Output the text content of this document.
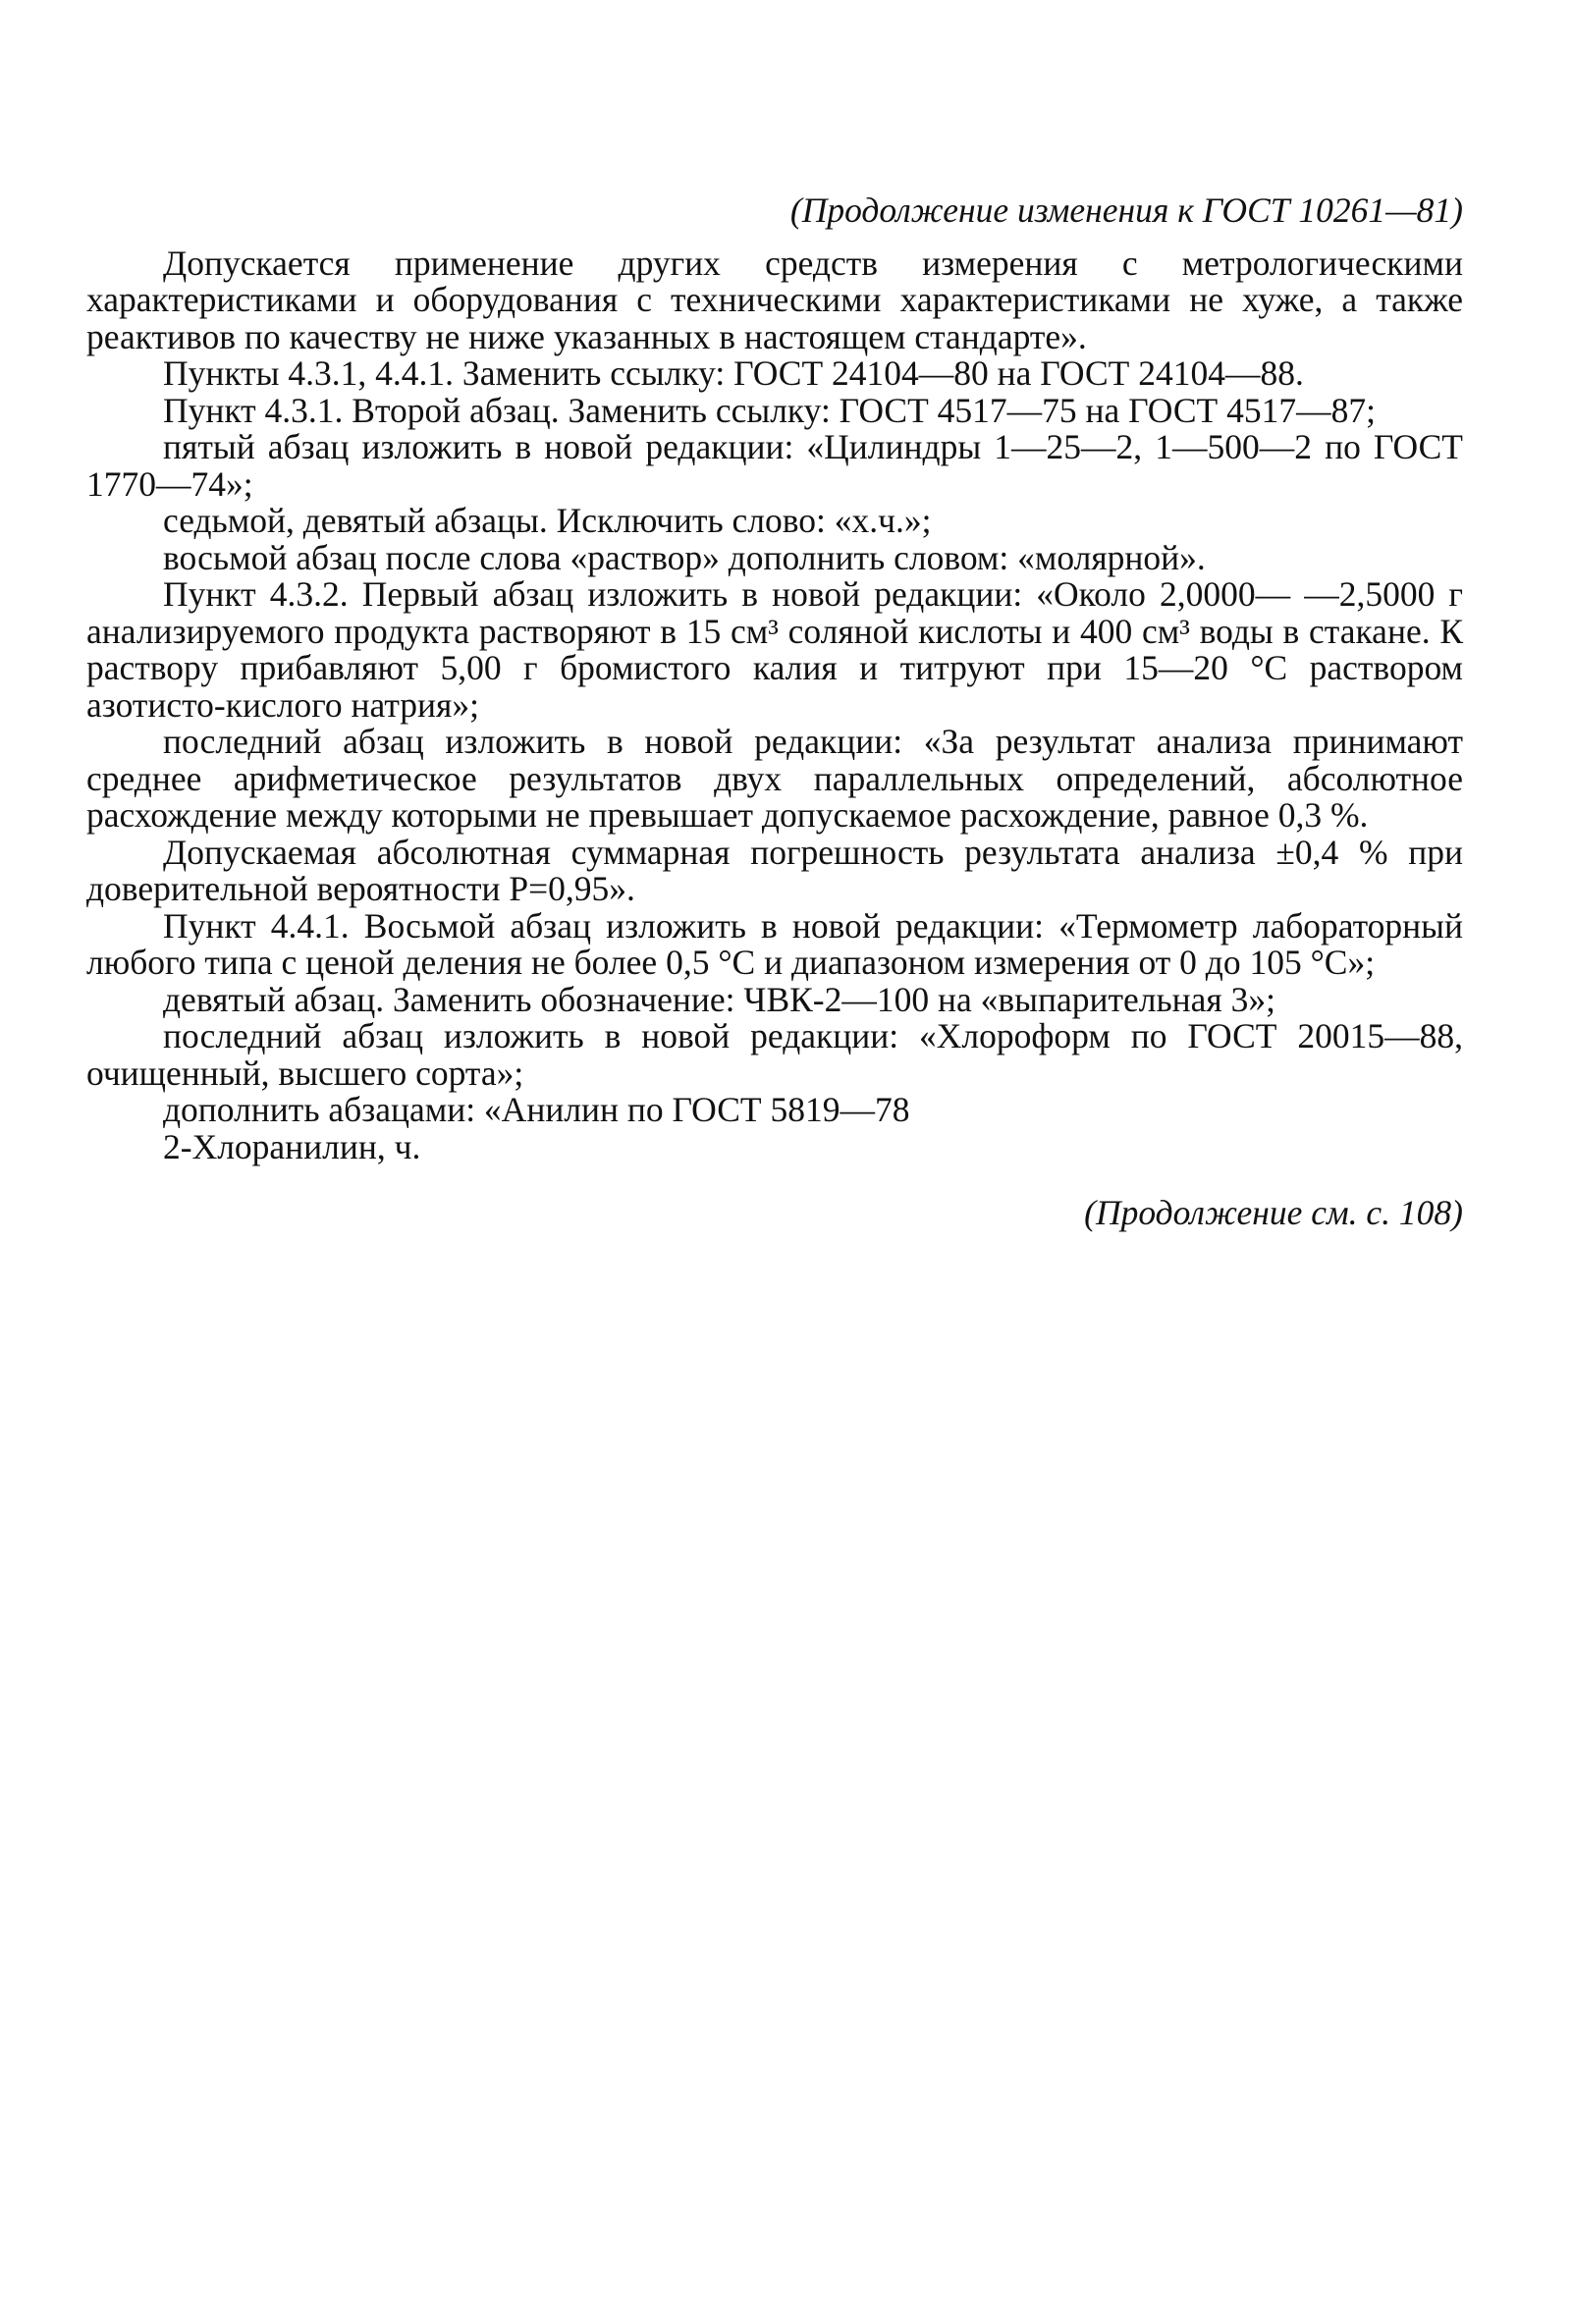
(Продолжение изменения к ГОСТ 10261—81)

Допускается применение других средств измерения с метрологическими характеристиками и оборудования с техническими характеристиками не хуже, а также реактивов по качеству не ниже указанных в настоящем стандарте».

Пункты 4.3.1, 4.4.1. Заменить ссылку: ГОСТ 24104—80 на ГОСТ 24104—88.

Пункт 4.3.1. Второй абзац. Заменить ссылку: ГОСТ 4517—75 на ГОСТ 4517—87;

пятый абзац изложить в новой редакции: «Цилиндры 1—25—2, 1—500—2 по ГОСТ 1770—74»;

седьмой, девятый абзацы. Исключить слово: «х.ч.»;

восьмой абзац после слова «раствор» дополнить словом: «молярной».

Пункт 4.3.2. Первый абзац изложить в новой редакции: «Около 2,0000— —2,5000 г анализируемого продукта растворяют в 15 см³ соляной кислоты и 400 см³ воды в стакане. К раствору прибавляют 5,00 г бромистого калия и титруют при 15—20 °С раствором азотисто-кислого натрия»;

последний абзац изложить в новой редакции: «За результат анализа принимают среднее арифметическое результатов двух параллельных определений, абсолютное расхождение между которыми не превышает допускаемое расхождение, равное 0,3 %.

Допускаемая абсолютная суммарная погрешность результата анализа ±0,4 % при доверительной вероятности P=0,95».

Пункт 4.4.1. Восьмой абзац изложить в новой редакции: «Термометр лабораторный любого типа с ценой деления не более 0,5 °С и диапазоном измерения от 0 до 105 °С»;

девятый абзац. Заменить обозначение: ЧВК-2—100 на «выпарительная 3»;

последний абзац изложить в новой редакции: «Хлороформ по ГОСТ 20015—88, очищенный, высшего сорта»;

дополнить абзацами: «Анилин по ГОСТ 5819—78

2-Хлоранилин, ч.

(Продолжение см. с. 108)
